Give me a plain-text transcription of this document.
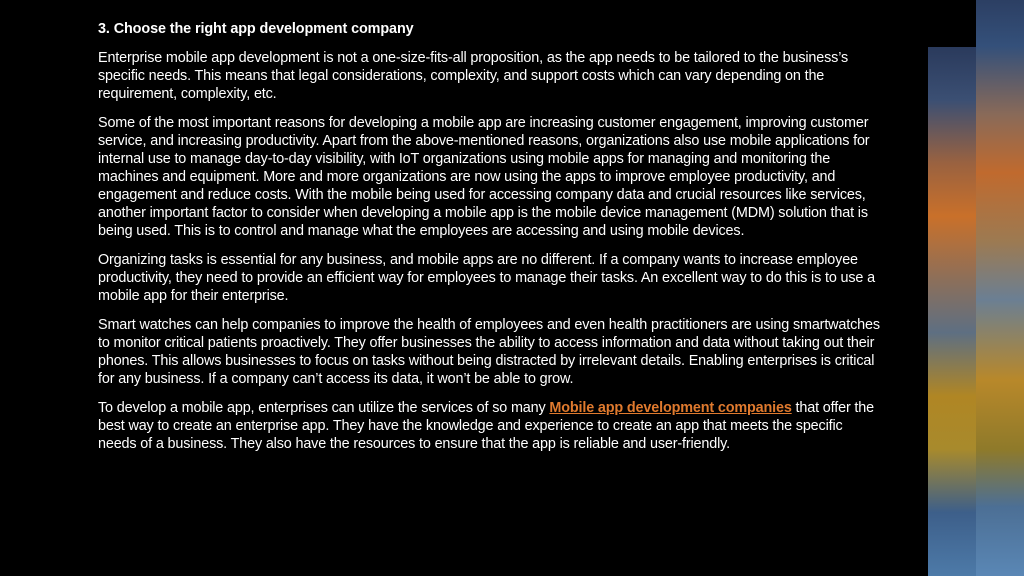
3. Choose the right app development company

Enterprise mobile app development is not a one-size-fits-all proposition, as the app needs to be tailored to the business’s specific needs. This means that legal considerations, complexity, and support costs which can vary depending on the requirement, complexity, etc.

Some of the most important reasons for developing a mobile app are increasing customer engagement, improving customer service, and increasing productivity. Apart from the above-mentioned reasons, organizations also use mobile applications for internal use to manage day-to-day visibility, with IoT organizations using mobile apps for managing and monitoring the machines and equipment. More and more organizations are now using the apps to improve employee productivity, and engagement and reduce costs. With the mobile being used for accessing company data and crucial resources like services, another important factor to consider when developing a mobile app is the mobile device management (MDM) solution that is being used. This is to control and manage what the employees are accessing and using mobile devices.

Organizing tasks is essential for any business, and mobile apps are no different. If a company wants to increase employee productivity, they need to provide an efficient way for employees to manage their tasks. An excellent way to do this is to use a mobile app for their enterprise.

Smart watches can help companies to improve the health of employees and even health practitioners are using smartwatches to monitor critical patients proactively. They offer businesses the ability to access information and data without taking out their phones. This allows businesses to focus on tasks without being distracted by irrelevant details. Enabling enterprises is critical for any business. If a company can’t access its data, it won’t be able to grow.

To develop a mobile app, enterprises can utilize the services of so many Mobile app development companies that offer the best way to create an enterprise app. They have the knowledge and experience to create an app that meets the specific needs of a business. They also have the resources to ensure that the app is reliable and user-friendly.
